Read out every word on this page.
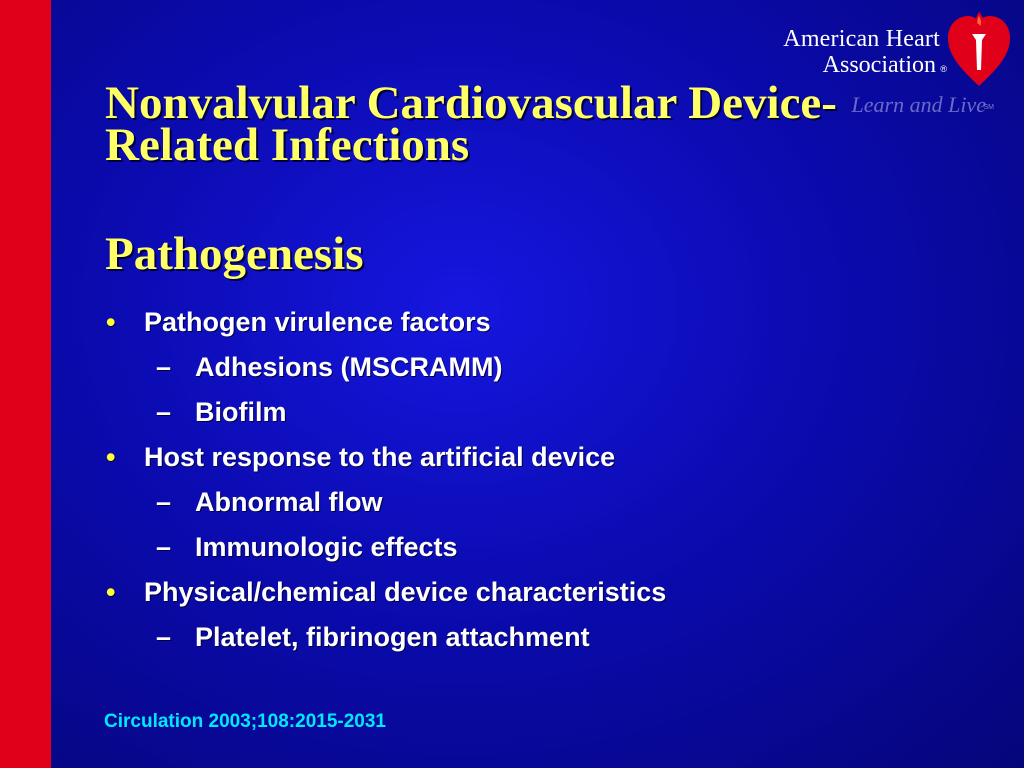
American Heart
Association ®
Learn and Live
SM
Nonvalvular Cardiovascular Device-
Related Infections
Pathogenesis
• Pathogen virulence factors
– Adhesions (MSCRAMM)
– Biofilm
• Host response to the artificial device
– Abnormal flow
– Immunologic effects
• Physical/chemical device characteristics
– Platelet, fibrinogen attachment
Circulation 2003;108:2015-2031
